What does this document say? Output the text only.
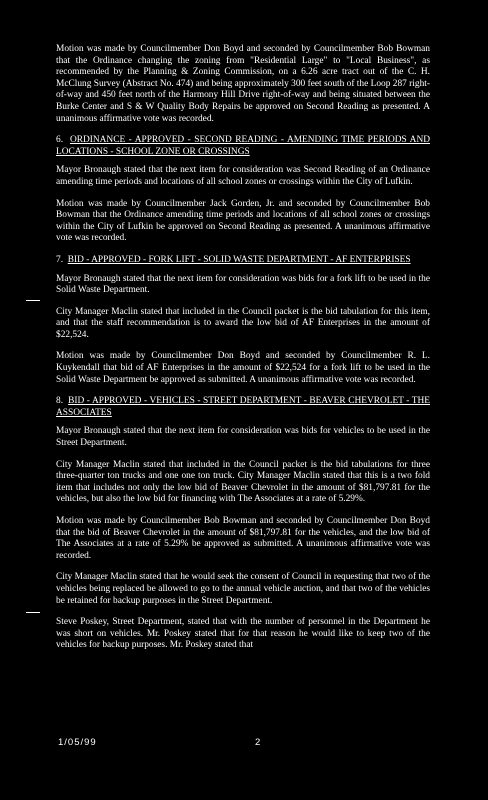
Motion was made by Councilmember Don Boyd and seconded by Councilmember Bob Bowman that the Ordinance changing the zoning from "Residential Large" to "Local Business", as recommended by the Planning & Zoning Commission, on a 6.26 acre tract out of the C. H. McClung Survey (Abstract No. 474) and being approximately 300 feet south of the Loop 287 right-of-way and 450 feet north of the Harmony Hill Drive right-of-way and being situated between the Burke Center and S & W Quality Body Repairs be approved on Second Reading as presented. A unanimous affirmative vote was recorded.

6. ORDINANCE - APPROVED - SECOND READING - AMENDING TIME PERIODS AND LOCATIONS - SCHOOL ZONE OR CROSSINGS

Mayor Bronaugh stated that the next item for consideration was Second Reading of an Ordinance amending time periods and locations of all school zones or crossings within the City of Lufkin.

Motion was made by Councilmember Jack Gorden, Jr. and seconded by Councilmember Bob Bowman that the Ordinance amending time periods and locations of all school zones or crossings within the City of Lufkin be approved on Second Reading as presented. A unanimous affirmative vote was recorded.

7. BID - APPROVED - FORK LIFT - SOLID WASTE DEPARTMENT - AF ENTERPRISES

Mayor Bronaugh stated that the next item for consideration was bids for a fork lift to be used in the Solid Waste Department.

City Manager Maclin stated that included in the Council packet is the bid tabulation for this item, and that the staff recommendation is to award the low bid of AF Enterprises in the amount of $22,524.

Motion was made by Councilmember Don Boyd and seconded by Councilmember R. L. Kuykendall that bid of AF Enterprises in the amount of $22,524 for a fork lift to be used in the Solid Waste Department be approved as submitted. A unanimous affirmative vote was recorded.

8. BID - APPROVED - VEHICLES - STREET DEPARTMENT - BEAVER CHEVROLET - THE ASSOCIATES

Mayor Bronaugh stated that the next item for consideration was bids for vehicles to be used in the Street Department.

City Manager Maclin stated that included in the Council packet is the bid tabulations for three three-quarter ton trucks and one one ton truck. City Manager Maclin stated that this is a two fold item that includes not only the low bid of Beaver Chevrolet in the amount of $81,797.81 for the vehicles, but also the low bid for financing with The Associates at a rate of 5.29%.

Motion was made by Councilmember Bob Bowman and seconded by Councilmember Don Boyd that the bid of Beaver Chevrolet in the amount of $81,797.81 for the vehicles, and the low bid of The Associates at a rate of 5.29% be approved as submitted. A unanimous affirmative vote was recorded.

City Manager Maclin stated that he would seek the consent of Council in requesting that two of the vehicles being replaced be allowed to go to the annual vehicle auction, and that two of the vehicles be retained for backup purposes in the Street Department.

Steve Poskey, Street Department, stated that with the number of personnel in the Department he was short on vehicles. Mr. Poskey stated that for that reason he would like to keep two of the vehicles for backup purposes. Mr. Poskey stated that

1/05/99	2
